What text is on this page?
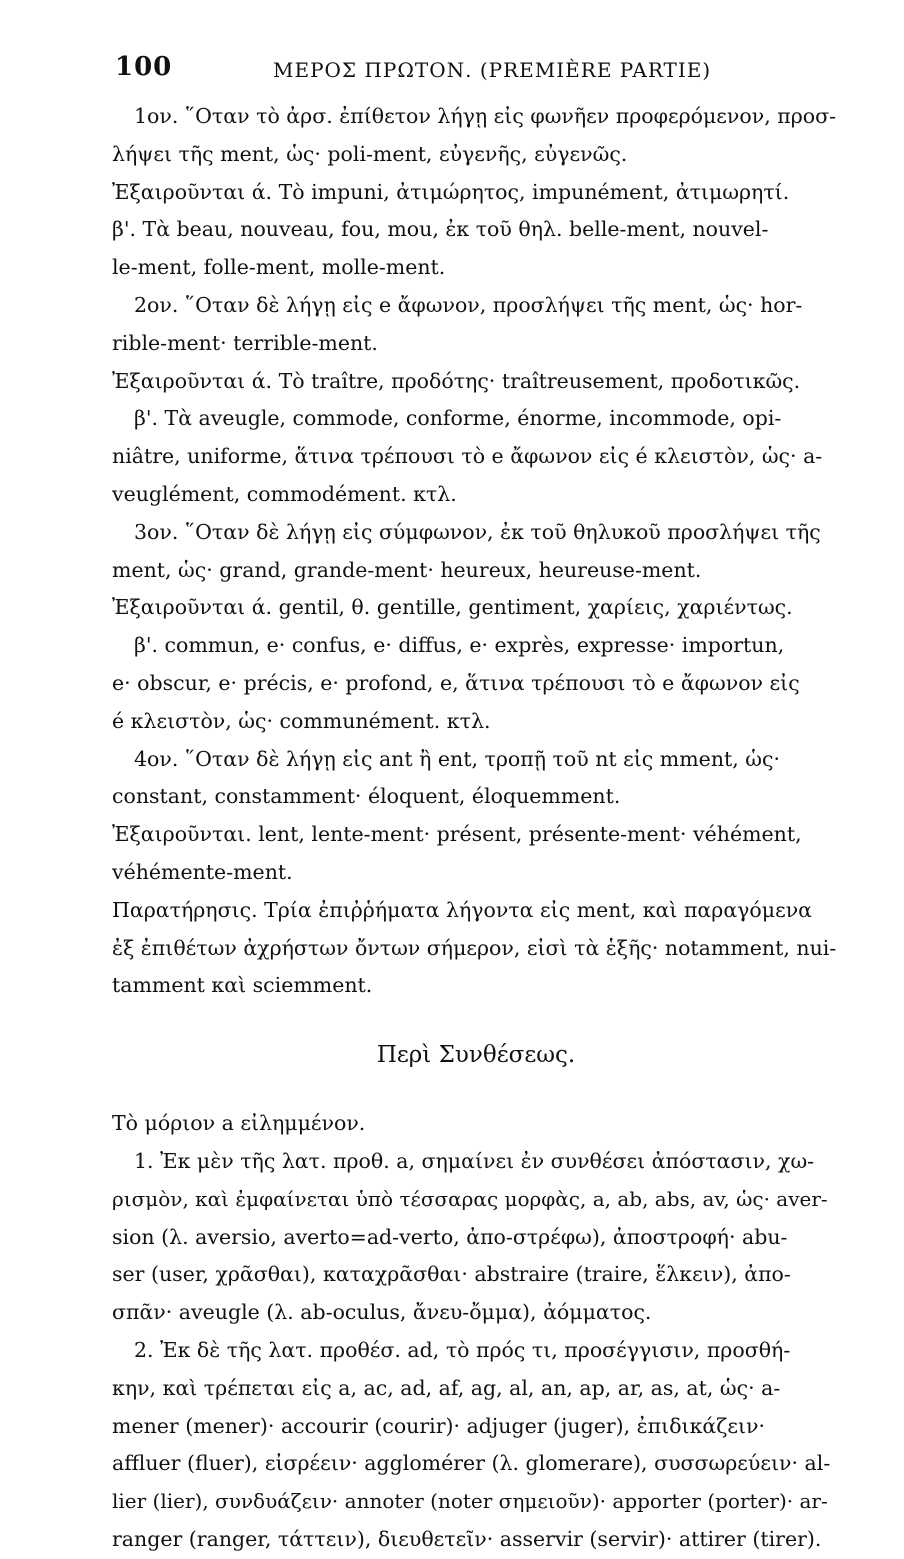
100	ΜΕΡΟΣ ΠΡΩΤΟΝ. (PREMIÈRE PARTIE)
1ον. ῞Οταν τὸ ἀρσ. ἐπίθετον λήγῃ εἰς φωνῆεν προφερόμενον, προσ-
λήψει τῆς ment, ὡς· poli-ment, εὐγενῆς, εὐγενῶς.
Ἐξαιροῦνται ά. Τὸ impuni, ἀτιμώρητος, impunément, ἀτιμωρητί.
β'. Τὰ beau, nouveau, fou, mou, ἐκ τοῦ θηλ. belle-ment, nouvel-
le-ment, folle-ment, molle-ment.
2ον. ῞Οταν δὲ λήγῃ εἰς e ἄφωνον, προσλήψει τῆς ment, ὡς· hor-
rible-ment· terrible-ment.
Ἐξαιροῦνται ά. Τὸ traître, προδότης· traîtreusement, προδοτικῶς.
β'. Τὰ aveugle, commode, conforme, énorme, incommode, opi-
niâtre, uniforme, ἅτινα τρέπουσι τὸ e ἄφωνον εἰς é κλειστὸν, ὡς· a-
veuglément, commodément. κτλ.
3ον. ῞Οταν δὲ λήγῃ εἰς σύμφωνον, ἐκ τοῦ θηλυκοῦ προσλήψει τῆς
ment, ὡς· grand, grande-ment· heureux, heureuse-ment.
Ἐξαιροῦνται ά. gentil, θ. gentille, gentiment, χαρίεις, χαριέντως.
β'. commun, e· confus, e· diffus, e· exprès, expresse· importun,
e· obscur, e· précis, e· profond, e, ἅτινα τρέπουσι τὸ e ἄφωνον εἰς
é κλειστὸν, ὡς· communément. κτλ.
4ον. ῞Οταν δὲ λήγῃ εἰς ant ἢ ent, τροπῇ τοῦ nt εἰς mment, ὡς·
constant, constamment· éloquent, éloquemment.
Ἐξαιροῦνται. lent, lente-ment· présent, présente-ment· véhément,
véhémente-ment.
Παρατήρησις. Τρία ἐπιῤῥήματα λήγοντα εἰς ment, καὶ παραγόμενα
ἐξ ἐπιθέτων ἀχρήστων ὄντων σήμερον, εἰσὶ τὰ ἑξῆς· notamment, nui-
tamment καὶ sciemment.
Περὶ Συνθέσεως.
Τὸ μόριον a εἰλημμένον.
1. Ἐκ μὲν τῆς λατ. προθ. a, σημαίνει ἐν συνθέσει ἀπόστασιν, χω-
ρισμὸν, καὶ ἐμφαίνεται ὑπὸ τέσσαρας μορφὰς, a, ab, abs, av, ὡς· aver-
sion (λ. aversio, averto=ad-verto, ἀπο-στρέφω), ἀποστροφή· abu-
ser (user, χρᾶσθαι), καταχρᾶσθαι· abstraire (traire, ἕλκειν), ἀπο-
σπᾶν· aveugle (λ. ab-oculus, ἄνευ-ὄμμα), ἀόμματος.
2. Ἐκ δὲ τῆς λατ. προθέσ. ad, τὸ πρός τι, προσέγγισιν, προσθή-
κην, καὶ τρέπεται εἰς a, ac, ad, af, ag, al, an, ap, ar, as, at, ὡς· a-
mener (mener)· accourir (courir)· adjuger (juger), ἐπιδικάζειν·
affluer (fluer), εἰσρέειν· agglomérer (λ. glomerare), συσσωρεύειν· al-
lier (lier), συνδυάζειν· annoter (noter σημειοῦν)· apporter (porter)· ar-
ranger (ranger, τάττειν), διευθετεῖν· asservir (servir)· attirer (tirer).
